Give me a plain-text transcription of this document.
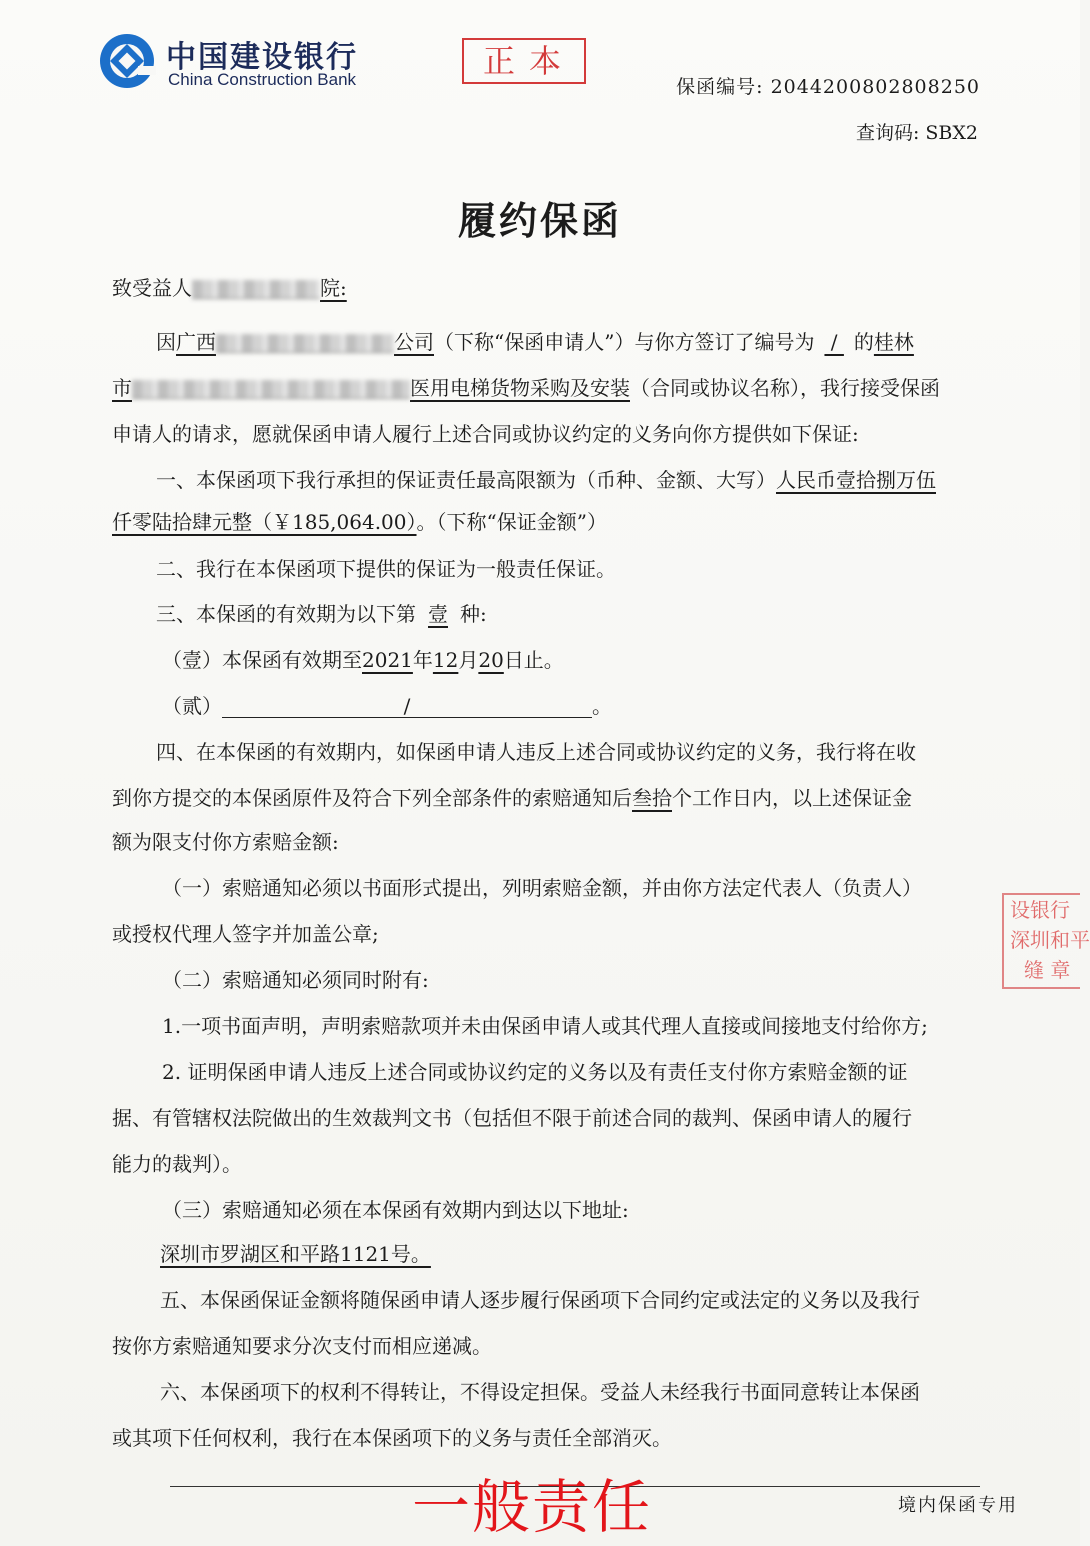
中国建设银行
China Construction Bank	正本
保函编号: 2044200802808250
查询码: SBX2
履约保函
致受益人	院:
因广西	公司（下称“保函申请人”）与你方签订了编号为 / 的桂林
市	医用电梯货物采购及安装（合同或协议名称），我行接受保函
申请人的请求，愿就保函申请人履行上述合同或协议约定的义务向你方提供如下保证:
一、本保函项下我行承担的保证责任最高限额为（币种、金额、大写）人民币壹拾捌万伍
仟零陆拾肆元整（￥185,064.00）。（下称“保证金额”）
二、我行在本保函项下提供的保证为一般责任保证。
三、本保函的有效期为以下第 壹 种:
（壹）本保函有效期至2021年12月20日止。
（贰）	/	。
四、在本保函的有效期内，如保函申请人违反上述合同或协议约定的义务，我行将在收
到你方提交的本保函原件及符合下列全部条件的索赔通知后叁拾个工作日内，以上述保证金
额为限支付你方索赔金额:
（一）索赔通知必须以书面形式提出，列明索赔金额，并由你方法定代表人（负责人）
或授权代理人签字并加盖公章;
（二）索赔通知必须同时附有:
1.一项书面声明，声明索赔款项并未由保函申请人或其代理人直接或间接地支付给你方;
2. 证明保函申请人违反上述合同或协议约定的义务以及有责任支付你方索赔金额的证
据、有管辖权法院做出的生效裁判文书（包括但不限于前述合同的裁判、保函申请人的履行
能力的裁判）。
（三）索赔通知必须在本保函有效期内到达以下地址:
深圳市罗湖区和平路1121号。
五、本保函保证金额将随保函申请人逐步履行保函项下合同约定或法定的义务以及我行
按你方索赔通知要求分次支付而相应递减。
六、本保函项下的权利不得转让，不得设定担保。受益人未经我行书面同意转让本保函
或其项下任何权利，我行在本保函项下的义务与责任全部消灭。
设银行
深圳和平
缝 章
一般责任	境内保函专用
